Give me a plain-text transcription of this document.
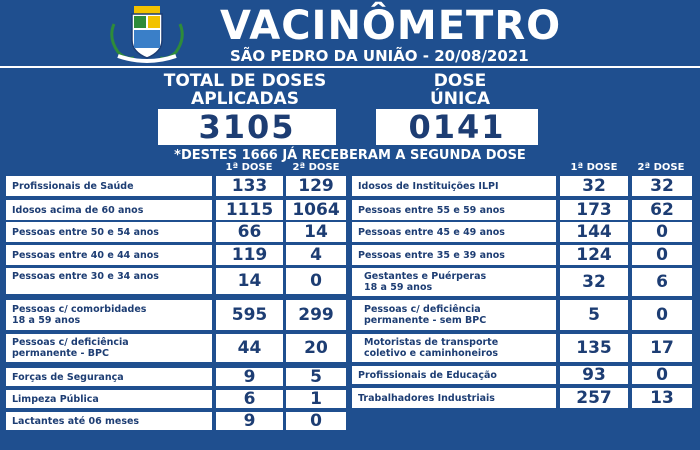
VACINÔMETRO
SÃO PEDRO DA UNIÃO - 20/08/2021
TOTAL DE DOSES
APLICADAS
DOSE
ÚNICA
3105	0141
*DESTES 1666 JÁ RECEBERAM A SEGUNDA DOSE
1ª DOSE	2ª DOSE	1ª DOSE	2ª DOSE
Profissionais de Saúde	133	129
Idosos acima de 60 anos	1115	1064
Pessoas entre 50 e 54 anos	66	14
Pessoas entre 40 e 44 anos	119	4
Pessoas entre 30 e 34 anos	14	0
Pessoas c/ comorbidades
18 a 59 anos	595	299
Pessoas c/ deficiência
permanente - BPC	44	20
Forças de Segurança	9	5
Limpeza Pública	6	1
Lactantes até 06 meses	9	0
Idosos de Instituições ILPI	32	32
Pessoas entre 55 e 59 anos	173	62
Pessoas entre 45 e 49 anos	144	0
Pessoas entre 35 e 39 anos	124	0
Gestantes e Puérperas
18 a 59 anos	32	6
Pessoas c/ deficiência
permanente - sem BPC	5	0
Motoristas de transporte
coletivo e caminhoneiros	135	17
Profissionais de Educação	93	0
Trabalhadores Industriais	257	13
